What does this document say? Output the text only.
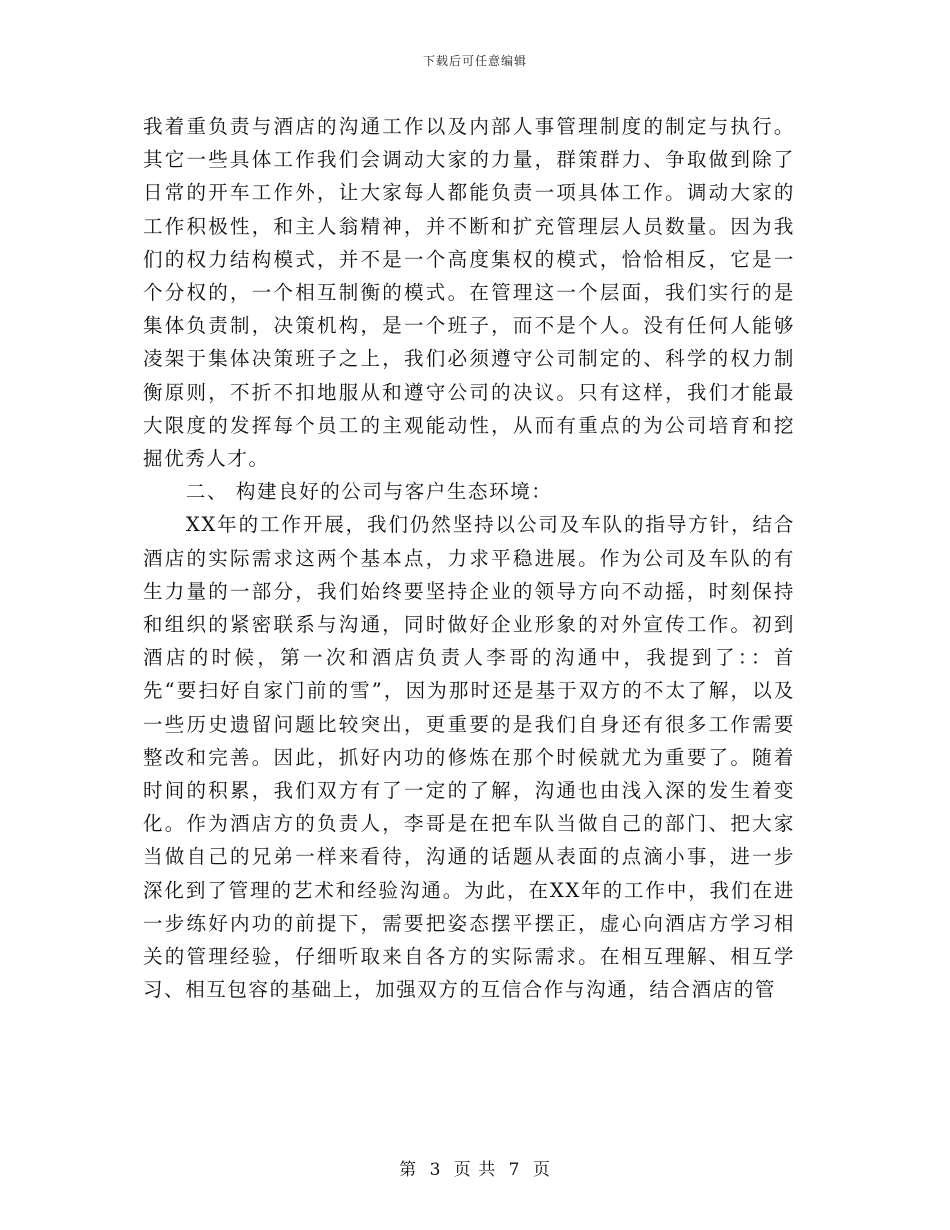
下载后可任意编辑

我着重负责与酒店的沟通工作以及内部人事管理制度的制定与执行。其它一些具体工作我们会调动大家的力量，群策群力、争取做到除了日常的开车工作外，让大家每人都能负责一项具体工作。调动大家的工作积极性，和主人翁精神，并不断和扩充管理层人员数量。因为我们的权力结构模式，并不是一个高度集权的模式，恰恰相反，它是一个分权的，一个相互制衡的模式。在管理这一个层面，我们实行的是集体负责制，决策机构，是一个班子，而不是个人。没有任何人能够凌架于集体决策班子之上，我们必须遵守公司制定的、科学的权力制衡原则，不折不扣地服从和遵守公司的决议。只有这样，我们才能最大限度的发挥每个员工的主观能动性，从而有重点的为公司培育和挖掘优秀人才。

二、 构建良好的公司与客户生态环境：

XX年的工作开展，我们仍然坚持以公司及车队的指导方针，结合酒店的实际需求这两个基本点，力求平稳进展。作为公司及车队的有生力量的一部分，我们始终要坚持企业的领导方向不动摇，时刻保持和组织的紧密联系与沟通，同时做好企业形象的对外宣传工作。初到酒店的时候，第一次和酒店负责人李哥的沟通中，我提到了：：首先“要扫好自家门前的雪”，因为那时还是基于双方的不太了解，以及一些历史遗留问题比较突出，更重要的是我们自身还有很多工作需要整改和完善。因此，抓好内功的修炼在那个时候就尤为重要了。随着时间的积累，我们双方有了一定的了解，沟通也由浅入深的发生着变化。作为酒店方的负责人，李哥是在把车队当做自己的部门、把大家当做自己的兄弟一样来看待，沟通的话题从表面的点滴小事，进一步深化到了管理的艺术和经验沟通。为此，在XX年的工作中，我们在进一步练好内功的前提下，需要把姿态摆平摆正，虚心向酒店方学习相关的管理经验，仔细听取来自各方的实际需求。在相互理解、相互学习、相互包容的基础上，加强双方的互信合作与沟通，结合酒店的管

第 3 页 共 7 页
